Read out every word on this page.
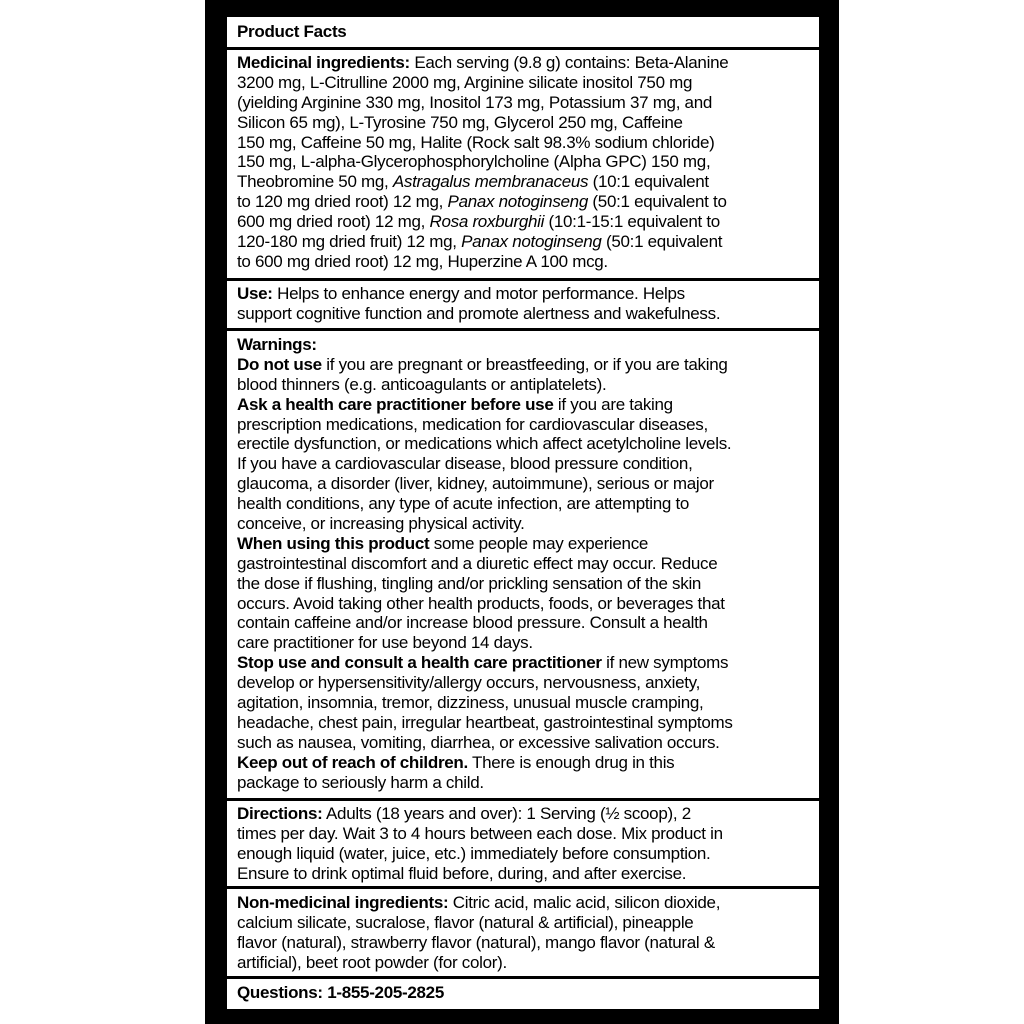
Product Facts
Medicinal ingredients: Each serving (9.8 g) contains: Beta-Alanine
3200 mg, L-Citrulline 2000 mg, Arginine silicate inositol 750 mg
(yielding Arginine 330 mg, Inositol 173 mg, Potassium 37 mg, and
Silicon 65 mg), L-Tyrosine 750 mg, Glycerol 250 mg, Caffeine
150 mg, Caffeine 50 mg, Halite (Rock salt 98.3% sodium chloride)
150 mg, L-alpha-Glycerophosphorylcholine (Alpha GPC) 150 mg,
Theobromine 50 mg, Astragalus membranaceus (10:1 equivalent
to 120 mg dried root) 12 mg, Panax notoginseng (50:1 equivalent to
600 mg dried root) 12 mg, Rosa roxburghii (10:1-15:1 equivalent to
120-180 mg dried fruit) 12 mg, Panax notoginseng (50:1 equivalent
to 600 mg dried root) 12 mg, Huperzine A 100 mcg.
Use: Helps to enhance energy and motor performance. Helps
support cognitive function and promote alertness and wakefulness.
Warnings:
Do not use if you are pregnant or breastfeeding, or if you are taking
blood thinners (e.g. anticoagulants or antiplatelets).
Ask a health care practitioner before use if you are taking
prescription medications, medication for cardiovascular diseases,
erectile dysfunction, or medications which affect acetylcholine levels.
If you have a cardiovascular disease, blood pressure condition,
glaucoma, a disorder (liver, kidney, autoimmune), serious or major
health conditions, any type of acute infection, are attempting to
conceive, or increasing physical activity.
When using this product some people may experience
gastrointestinal discomfort and a diuretic effect may occur. Reduce
the dose if flushing, tingling and/or prickling sensation of the skin
occurs. Avoid taking other health products, foods, or beverages that
contain caffeine and/or increase blood pressure. Consult a health
care practitioner for use beyond 14 days.
Stop use and consult a health care practitioner if new symptoms
develop or hypersensitivity/allergy occurs, nervousness, anxiety,
agitation, insomnia, tremor, dizziness, unusual muscle cramping,
headache, chest pain, irregular heartbeat, gastrointestinal symptoms
such as nausea, vomiting, diarrhea, or excessive salivation occurs.
Keep out of reach of children. There is enough drug in this
package to seriously harm a child.
Directions: Adults (18 years and over): 1 Serving (½ scoop), 2
times per day. Wait 3 to 4 hours between each dose. Mix product in
enough liquid (water, juice, etc.) immediately before consumption.
Ensure to drink optimal fluid before, during, and after exercise.
Non-medicinal ingredients: Citric acid, malic acid, silicon dioxide,
calcium silicate, sucralose, flavor (natural & artificial), pineapple
flavor (natural), strawberry flavor (natural), mango flavor (natural &
artificial), beet root powder (for color).
Questions: 1-855-205-2825
